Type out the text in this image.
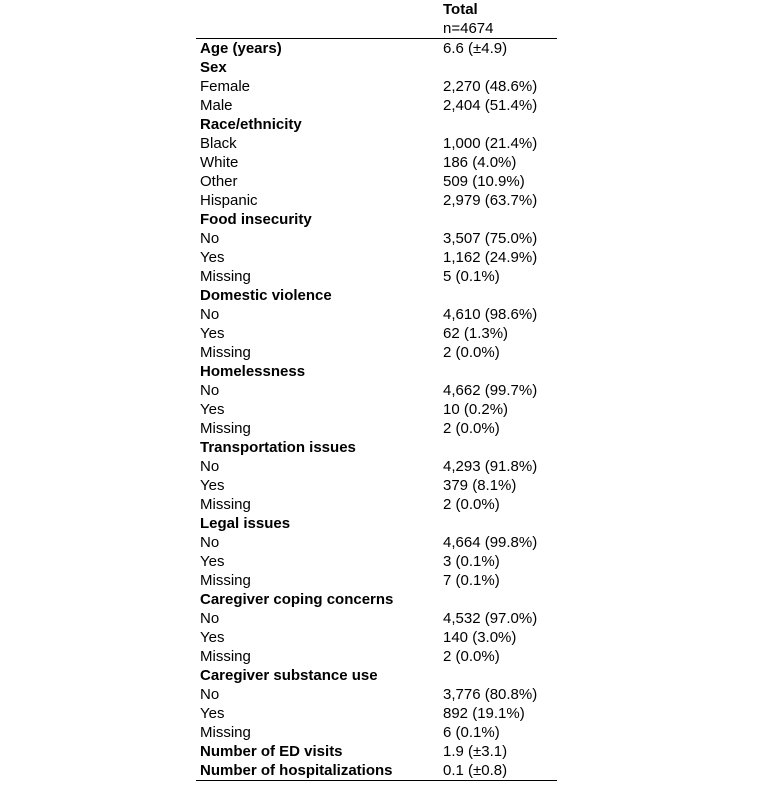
	Total
	n=4674
Age (years)	6.6 (±4.9)
Sex	
Female	2,270 (48.6%)
Male	2,404 (51.4%)
Race/ethnicity	
Black	1,000 (21.4%)
White	186 (4.0%)
Other	509 (10.9%)
Hispanic	2,979 (63.7%)
Food insecurity	
No	3,507 (75.0%)
Yes	1,162 (24.9%)
Missing	5 (0.1%)
Domestic violence	
No	4,610 (98.6%)
Yes	62 (1.3%)
Missing	2 (0.0%)
Homelessness	
No	4,662 (99.7%)
Yes	10 (0.2%)
Missing	2 (0.0%)
Transportation issues	
No	4,293 (91.8%)
Yes	379 (8.1%)
Missing	2 (0.0%)
Legal issues	
No	4,664 (99.8%)
Yes	3 (0.1%)
Missing	7 (0.1%)
Caregiver coping concerns	
No	4,532 (97.0%)
Yes	140 (3.0%)
Missing	2 (0.0%)
Caregiver substance use	
No	3,776 (80.8%)
Yes	892 (19.1%)
Missing	6 (0.1%)
Number of ED visits	1.9 (±3.1)
Number of hospitalizations	0.1 (±0.8)
